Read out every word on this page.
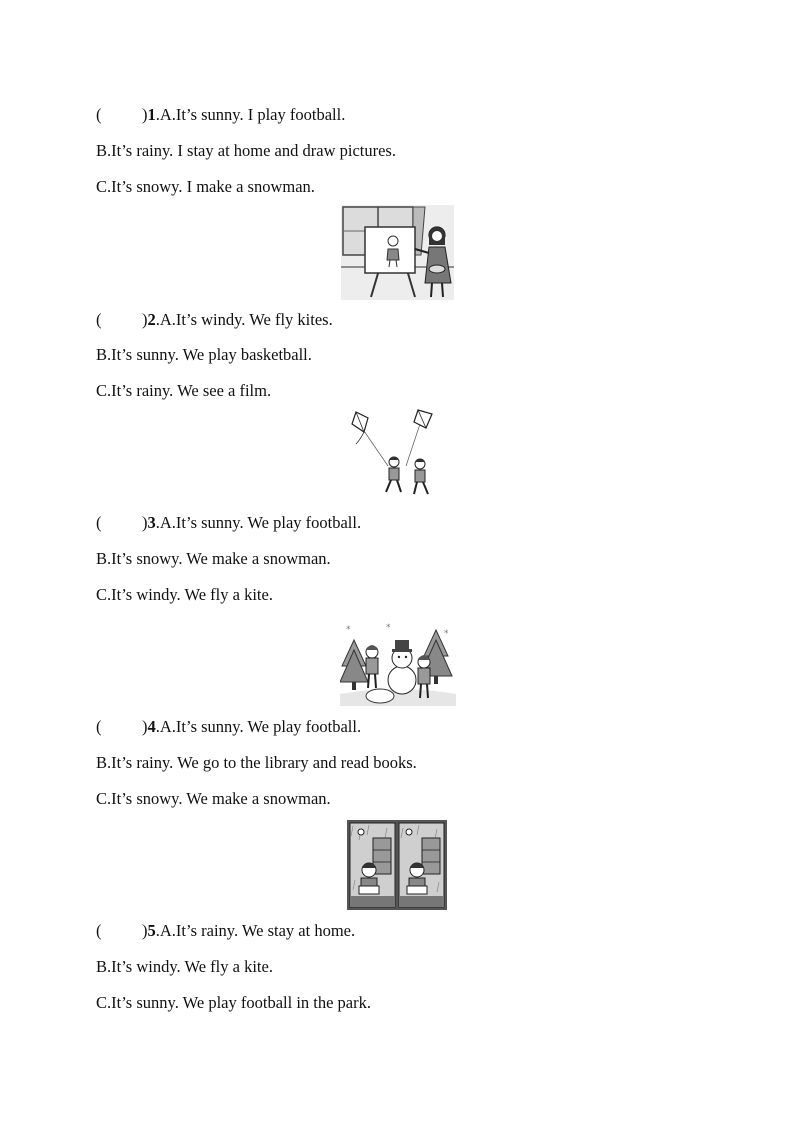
( )1.A.It’s sunny. I play football.
B.It’s rainy. I stay at home and draw pictures.
C.It’s snowy. I make a snowman.
( )2.A.It’s windy. We fly kites.
B.It’s sunny. We play basketball.
C.It’s rainy. We see a film.
( )3.A.It’s sunny. We play football.
B.It’s snowy. We make a snowman.
C.It’s windy. We fly a kite.
*	*
*
( )4.A.It’s sunny. We play football.
B.It’s rainy. We go to the library and read books.
C.It’s snowy. We make a snowman.
( )5.A.It’s rainy. We stay at home.
B.It’s windy. We fly a kite.
C.It’s sunny. We play football in the park.
